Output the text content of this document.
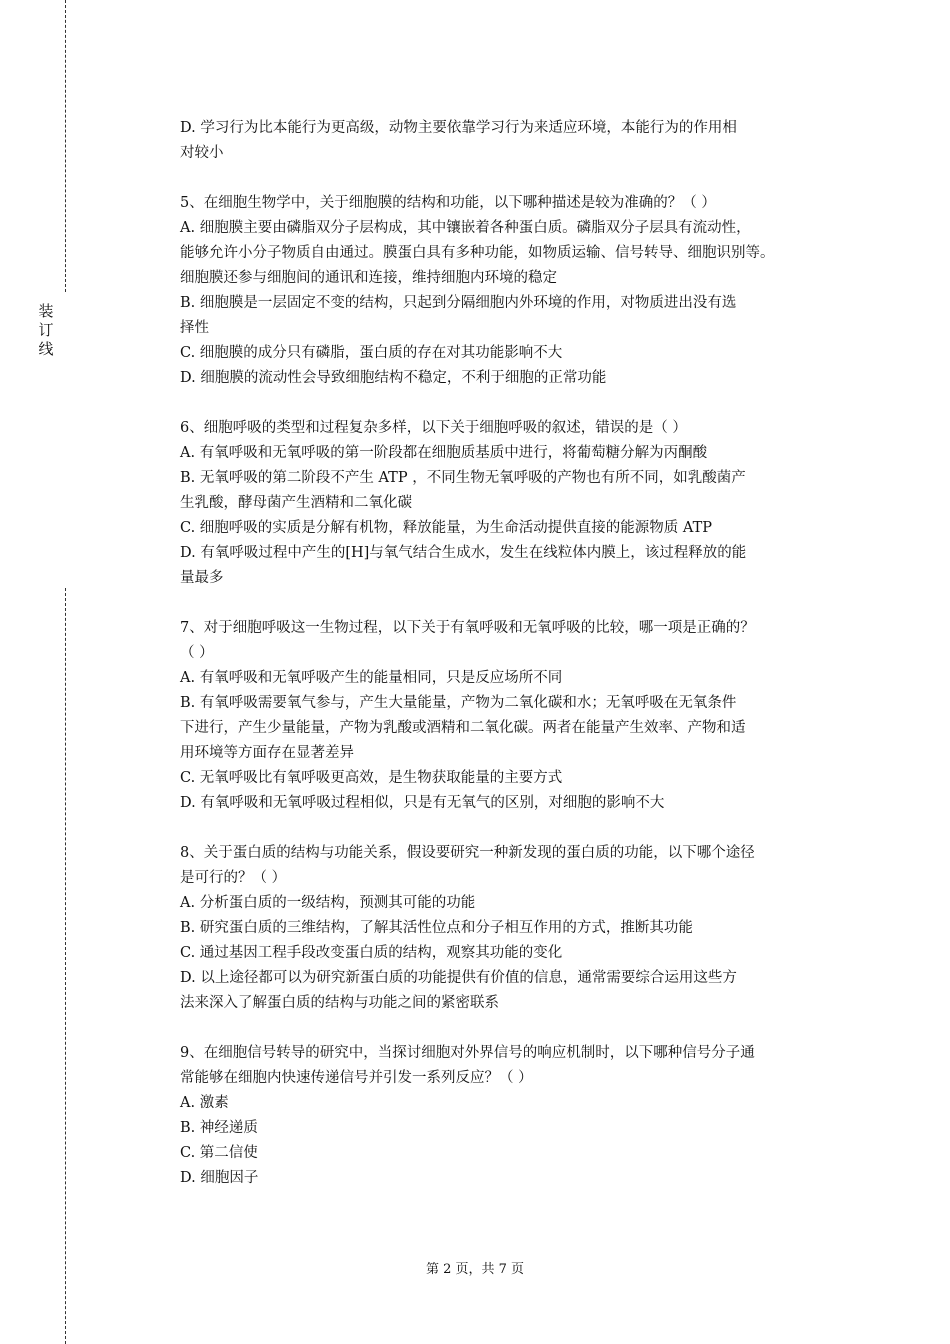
装
订
线
D. 学习行为比本能行为更高级，动物主要依靠学习行为来适应环境，本能行为的作用相
对较小
5、在细胞生物学中，关于细胞膜的结构和功能，以下哪种描述是较为准确的？（ ）
A. 细胞膜主要由磷脂双分子层构成，其中镶嵌着各种蛋白质。磷脂双分子层具有流动性，
能够允许小分子物质自由通过。膜蛋白具有多种功能，如物质运输、信号转导、细胞识别等。
细胞膜还参与细胞间的通讯和连接，维持细胞内环境的稳定
B. 细胞膜是一层固定不变的结构，只起到分隔细胞内外环境的作用，对物质进出没有选
择性
C. 细胞膜的成分只有磷脂，蛋白质的存在对其功能影响不大
D. 细胞膜的流动性会导致细胞结构不稳定，不利于细胞的正常功能
6、细胞呼吸的类型和过程复杂多样，以下关于细胞呼吸的叙述，错误的是（ ）
A. 有氧呼吸和无氧呼吸的第一阶段都在细胞质基质中进行，将葡萄糖分解为丙酮酸
B. 无氧呼吸的第二阶段不产生 ATP ，不同生物无氧呼吸的产物也有所不同，如乳酸菌产
生乳酸，酵母菌产生酒精和二氧化碳
C. 细胞呼吸的实质是分解有机物，释放能量，为生命活动提供直接的能源物质 ATP
D. 有氧呼吸过程中产生的[H]与氧气结合生成水，发生在线粒体内膜上，该过程释放的能
量最多
7、对于细胞呼吸这一生物过程，以下关于有氧呼吸和无氧呼吸的比较，哪一项是正确的？
（ ）
A. 有氧呼吸和无氧呼吸产生的能量相同，只是反应场所不同
B. 有氧呼吸需要氧气参与，产生大量能量，产物为二氧化碳和水；无氧呼吸在无氧条件
下进行，产生少量能量，产物为乳酸或酒精和二氧化碳。两者在能量产生效率、产物和适
用环境等方面存在显著差异
C. 无氧呼吸比有氧呼吸更高效，是生物获取能量的主要方式
D. 有氧呼吸和无氧呼吸过程相似，只是有无氧气的区别，对细胞的影响不大
8、关于蛋白质的结构与功能关系，假设要研究一种新发现的蛋白质的功能，以下哪个途径
是可行的？（ ）
A. 分析蛋白质的一级结构，预测其可能的功能
B. 研究蛋白质的三维结构，了解其活性位点和分子相互作用的方式，推断其功能
C. 通过基因工程手段改变蛋白质的结构，观察其功能的变化
D. 以上途径都可以为研究新蛋白质的功能提供有价值的信息，通常需要综合运用这些方
法来深入了解蛋白质的结构与功能之间的紧密联系
9、在细胞信号转导的研究中，当探讨细胞对外界信号的响应机制时，以下哪种信号分子通
常能够在细胞内快速传递信号并引发一系列反应？（ ）
A. 激素
B. 神经递质
C. 第二信使
D. 细胞因子
第 2 页，共 7 页
